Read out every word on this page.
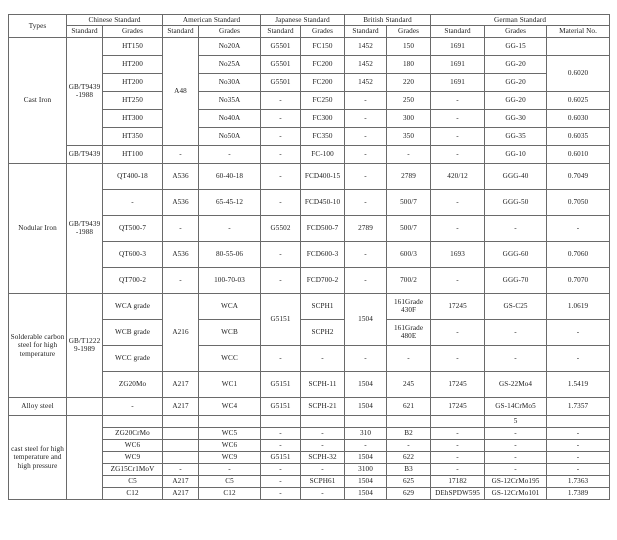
Types	Chinese Standard		American Standard		Japanese Standard		British Standard		German Standard		
	Standard	Grades	Standard	Grades	Standard	Grades	Standard	Grades	Standard	Grades	Material No.
Cast Iron	GB/T9439-1988	HT150	A48	No20A	G5501	FC150	1452	150	1691	GG-15	
		HT200		No25A	G5501	FC200	1452	180	1691	GG-20	0.6020
		HT200		No30A	G5501	FC200	1452	220	1691	GG-20	
		HT250		No35A	-	FC250	-	250	-	GG-20	0.6025
		HT300		No40A	-	FC300	-	300	-	GG-30	0.6030
		HT350		No50A	-	FC350	-	350	-	GG-35	0.6035
	GB/T9439	HT100	-	-	-	FC-100	-	-	-	GG-10	0.6010
Nodular Iron	GB/T9439-1988	QT400-18	A536	60-40-18	-	FCD400-15	-	2789	420/12	GGG-40	0.7049
		-	A536	65-45-12	-	FCD450-10	-	500/7	-	GGG-50	0.7050
		QT500-7	-	-	G5502	FCD500-7	2789	500/7	-	-	-
		QT600-3	A536	80-55-06	-	FCD600-3	-	600/3	1693	GGG-60	0.7060
		QT700-2	-	100-70-03	-	FCD700-2	-	700/2	-	GGG-70	0.7070
Solderable carbon steel for high temperature	GB/T12229-1989	WCA grade	A216	WCA	G5151	SCPH1	1504	161Grade 430F	17245	GS-C25	1.0619
		WCB grade		WCB		SCPH2		161Grade 480E	-	-	-
		WCC grade		WCC	-	-	-	-	-	-	-
		ZG20Mo	A217	WC1	G5151	SCPH-11	1504	245	17245	GS-22Mo4	1.5419
Alloy steel		-	A217	WC4	G5151	SCPH-21	1504	621	17245	GS-14CrMo5	1.7357
cast steel for high temperature and high pressure										5	
		ZG20CrMo		WC5	-	-	310	B2	-	-	-
		WC6		WC6	-	-	-	-	-	-	-
		WC9		WC9	G5151	SCPH-32	1504	622	-	-	-
		ZG15Cr1MoV	-	-	-	-	3100	B3	-	-	-
		C5	A217	C5	-	SCPH61	1504	625	17182	GS-12CrMo195	1.7363
		C12	A217	C12	-	-	1504	629	DEhSPDW595	GS-12CrMo101	1.7389
